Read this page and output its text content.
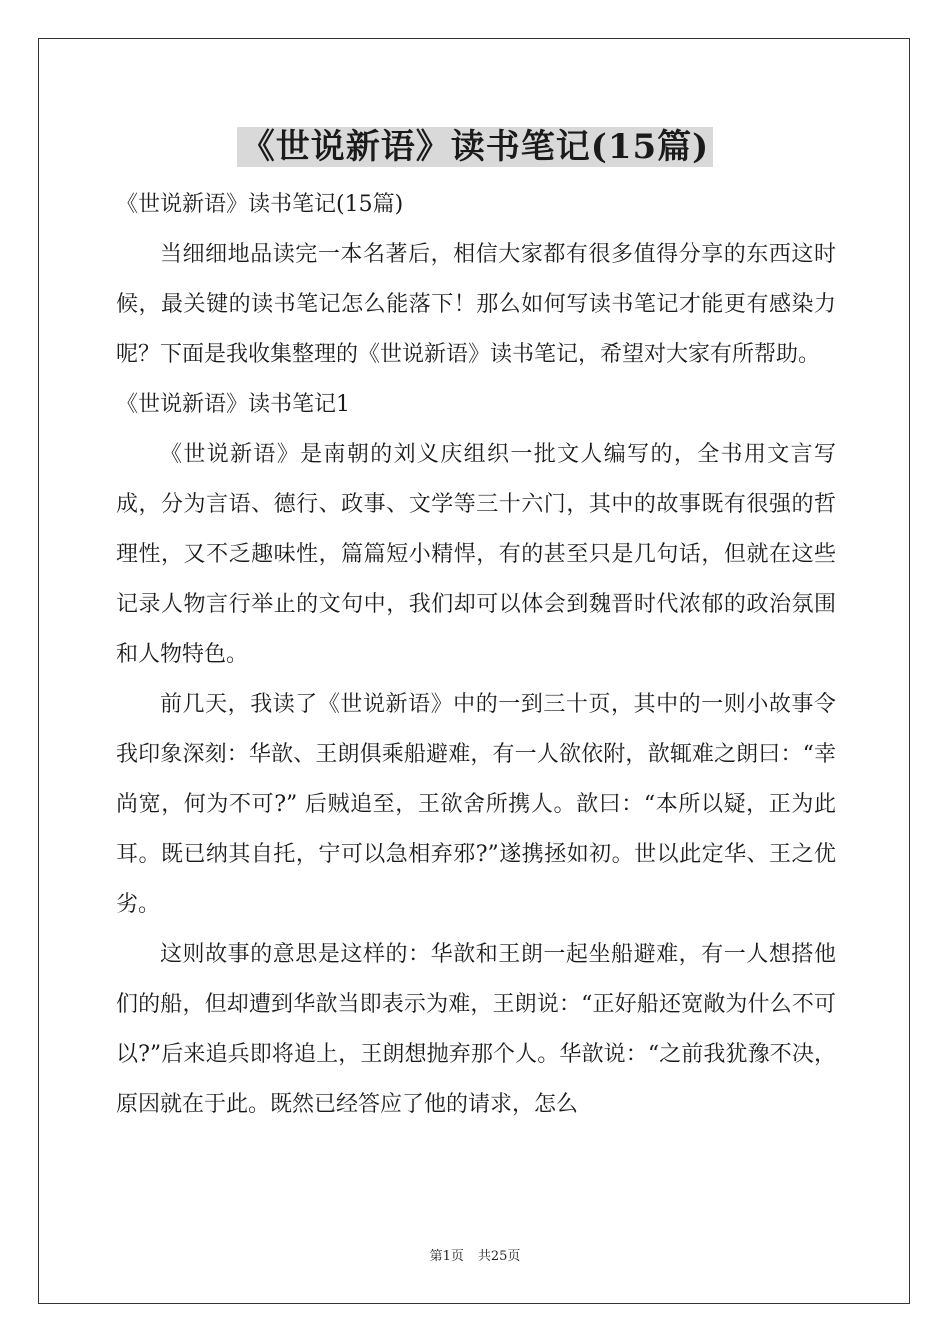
《世说新语》读书笔记(15篇)

《世说新语》读书笔记(15篇)

当细细地品读完一本名著后，相信大家都有很多值得分享的东西这时候，最关键的读书笔记怎么能落下！那么如何写读书笔记才能更有感染力呢？下面是我收集整理的《世说新语》读书笔记，希望对大家有所帮助。

《世说新语》读书笔记1

《世说新语》是南朝的刘义庆组织一批文人编写的，全书用文言写成，分为言语、德行、政事、文学等三十六门，其中的故事既有很强的哲理性，又不乏趣味性，篇篇短小精悍，有的甚至只是几句话，但就在这些记录人物言行举止的文句中，我们却可以体会到魏晋时代浓郁的政治氛围和人物特色。

前几天，我读了《世说新语》中的一到三十页，其中的一则小故事令我印象深刻：华歆、王朗俱乘船避难，有一人欲依附，歆辄难之朗曰：“幸尚宽，何为不可?” 后贼追至，王欲舍所携人。歆曰：“本所以疑，正为此耳。既已纳其自托，宁可以急相弃邪?”遂携拯如初。世以此定华、王之优劣。

这则故事的意思是这样的：华歆和王朗一起坐船避难，有一人想搭他们的船，但却遭到华歆当即表示为难，王朗说：“正好船还宽敞为什么不可以?”后来追兵即将追上，王朗想抛弃那个人。华歆说：“之前我犹豫不决，原因就在于此。既然已经答应了他的请求，怎么

第1页 共25页
